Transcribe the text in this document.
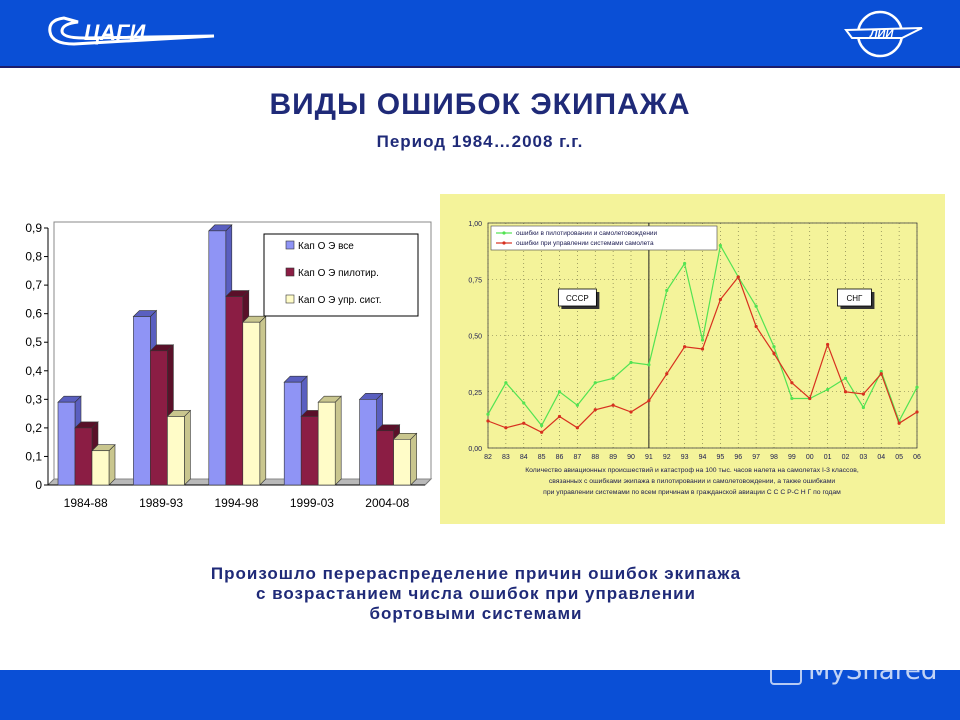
ЦАГИ	ЛИИ
ВИДЫ ОШИБОК ЭКИПАЖА
Период 1984…2008 г.г.
0
0,1
0,2
0,3
0,4
0,5
0,6
0,7
0,8
0,9
1984-88	1989-93	1994-98	1999-03	2004-08
Кап О Э все
Кап О Э пилотир.
Кап О Э упр. сист.
82 83 84 85 86 87 88 89 90 91 92 93 94 95 96 97 98 99 00 01 02 03 04 05 06
0,00
0,25
0,50
0,75
1,00
ошибки в пилотировании и самолетовождении
ошибки при управлении системами самолета
СССР	СНГ
Количество авиационных происшествий и катастроф на 100 тыс. часов налета на самолетах I-3 классов,
связанных с ошибками экипажа в пилотировании и самолетовождении, а также ошибками
при управлении системами по всем причинам в гражданской авиации С С С Р-С Н Г по годам
Произошло перераспределение причин ошибок экипажа
с возрастанием числа ошибок при управлении
бортовыми системами
MyShared
